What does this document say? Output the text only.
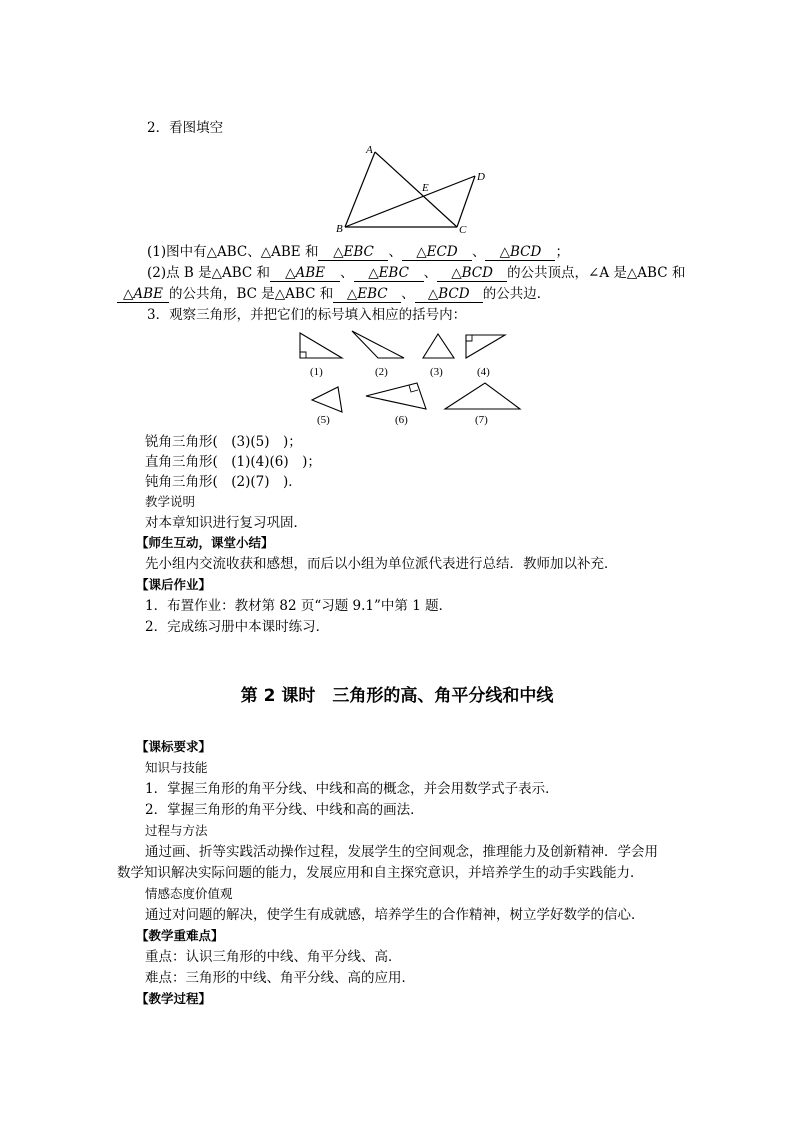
2．看图填空
A
B	C
D
E
(1)图中有△ABC、△ABE 和 △EBC 、 △ECD 、 △BCD ；
(2)点 B 是△ABC 和 △ABE 、 △EBC 、 △BCD 的公共顶点，∠A 是△ABC 和
△ABE 的公共角，BC 是△ABC 和 △EBC 、 △BCD 的公共边．
3．观察三角形，并把它们的标号填入相应的括号内：
(1)	(2)	(3)	(4)
(5)	(6)	(7)
锐角三角形(　(3)(5)　)；
直角三角形(　(1)(4)(6)　)；
钝角三角形(　(2)(7)　)．
教学说明
对本章知识进行复习巩固．
【师生互动，课堂小结】
先小组内交流收获和感想，而后以小组为单位派代表进行总结．教师加以补充．
【课后作业】
1．布置作业：教材第 82 页“习题 9.1”中第 1 题．
2．完成练习册中本课时练习．
第 2 课时　三角形的高、角平分线和中线
【课标要求】
知识与技能
1．掌握三角形的角平分线、中线和高的概念，并会用数学式子表示．
2．掌握三角形的角平分线、中线和高的画法．
过程与方法
通过画、折等实践活动操作过程，发展学生的空间观念，推理能力及创新精神．学会用
数学知识解决实际问题的能力，发展应用和自主探究意识，并培养学生的动手实践能力．
情感态度价值观
通过对问题的解决，使学生有成就感，培养学生的合作精神，树立学好数学的信心．
【教学重难点】
重点：认识三角形的中线、角平分线、高．
难点：三角形的中线、角平分线、高的应用．
【教学过程】
